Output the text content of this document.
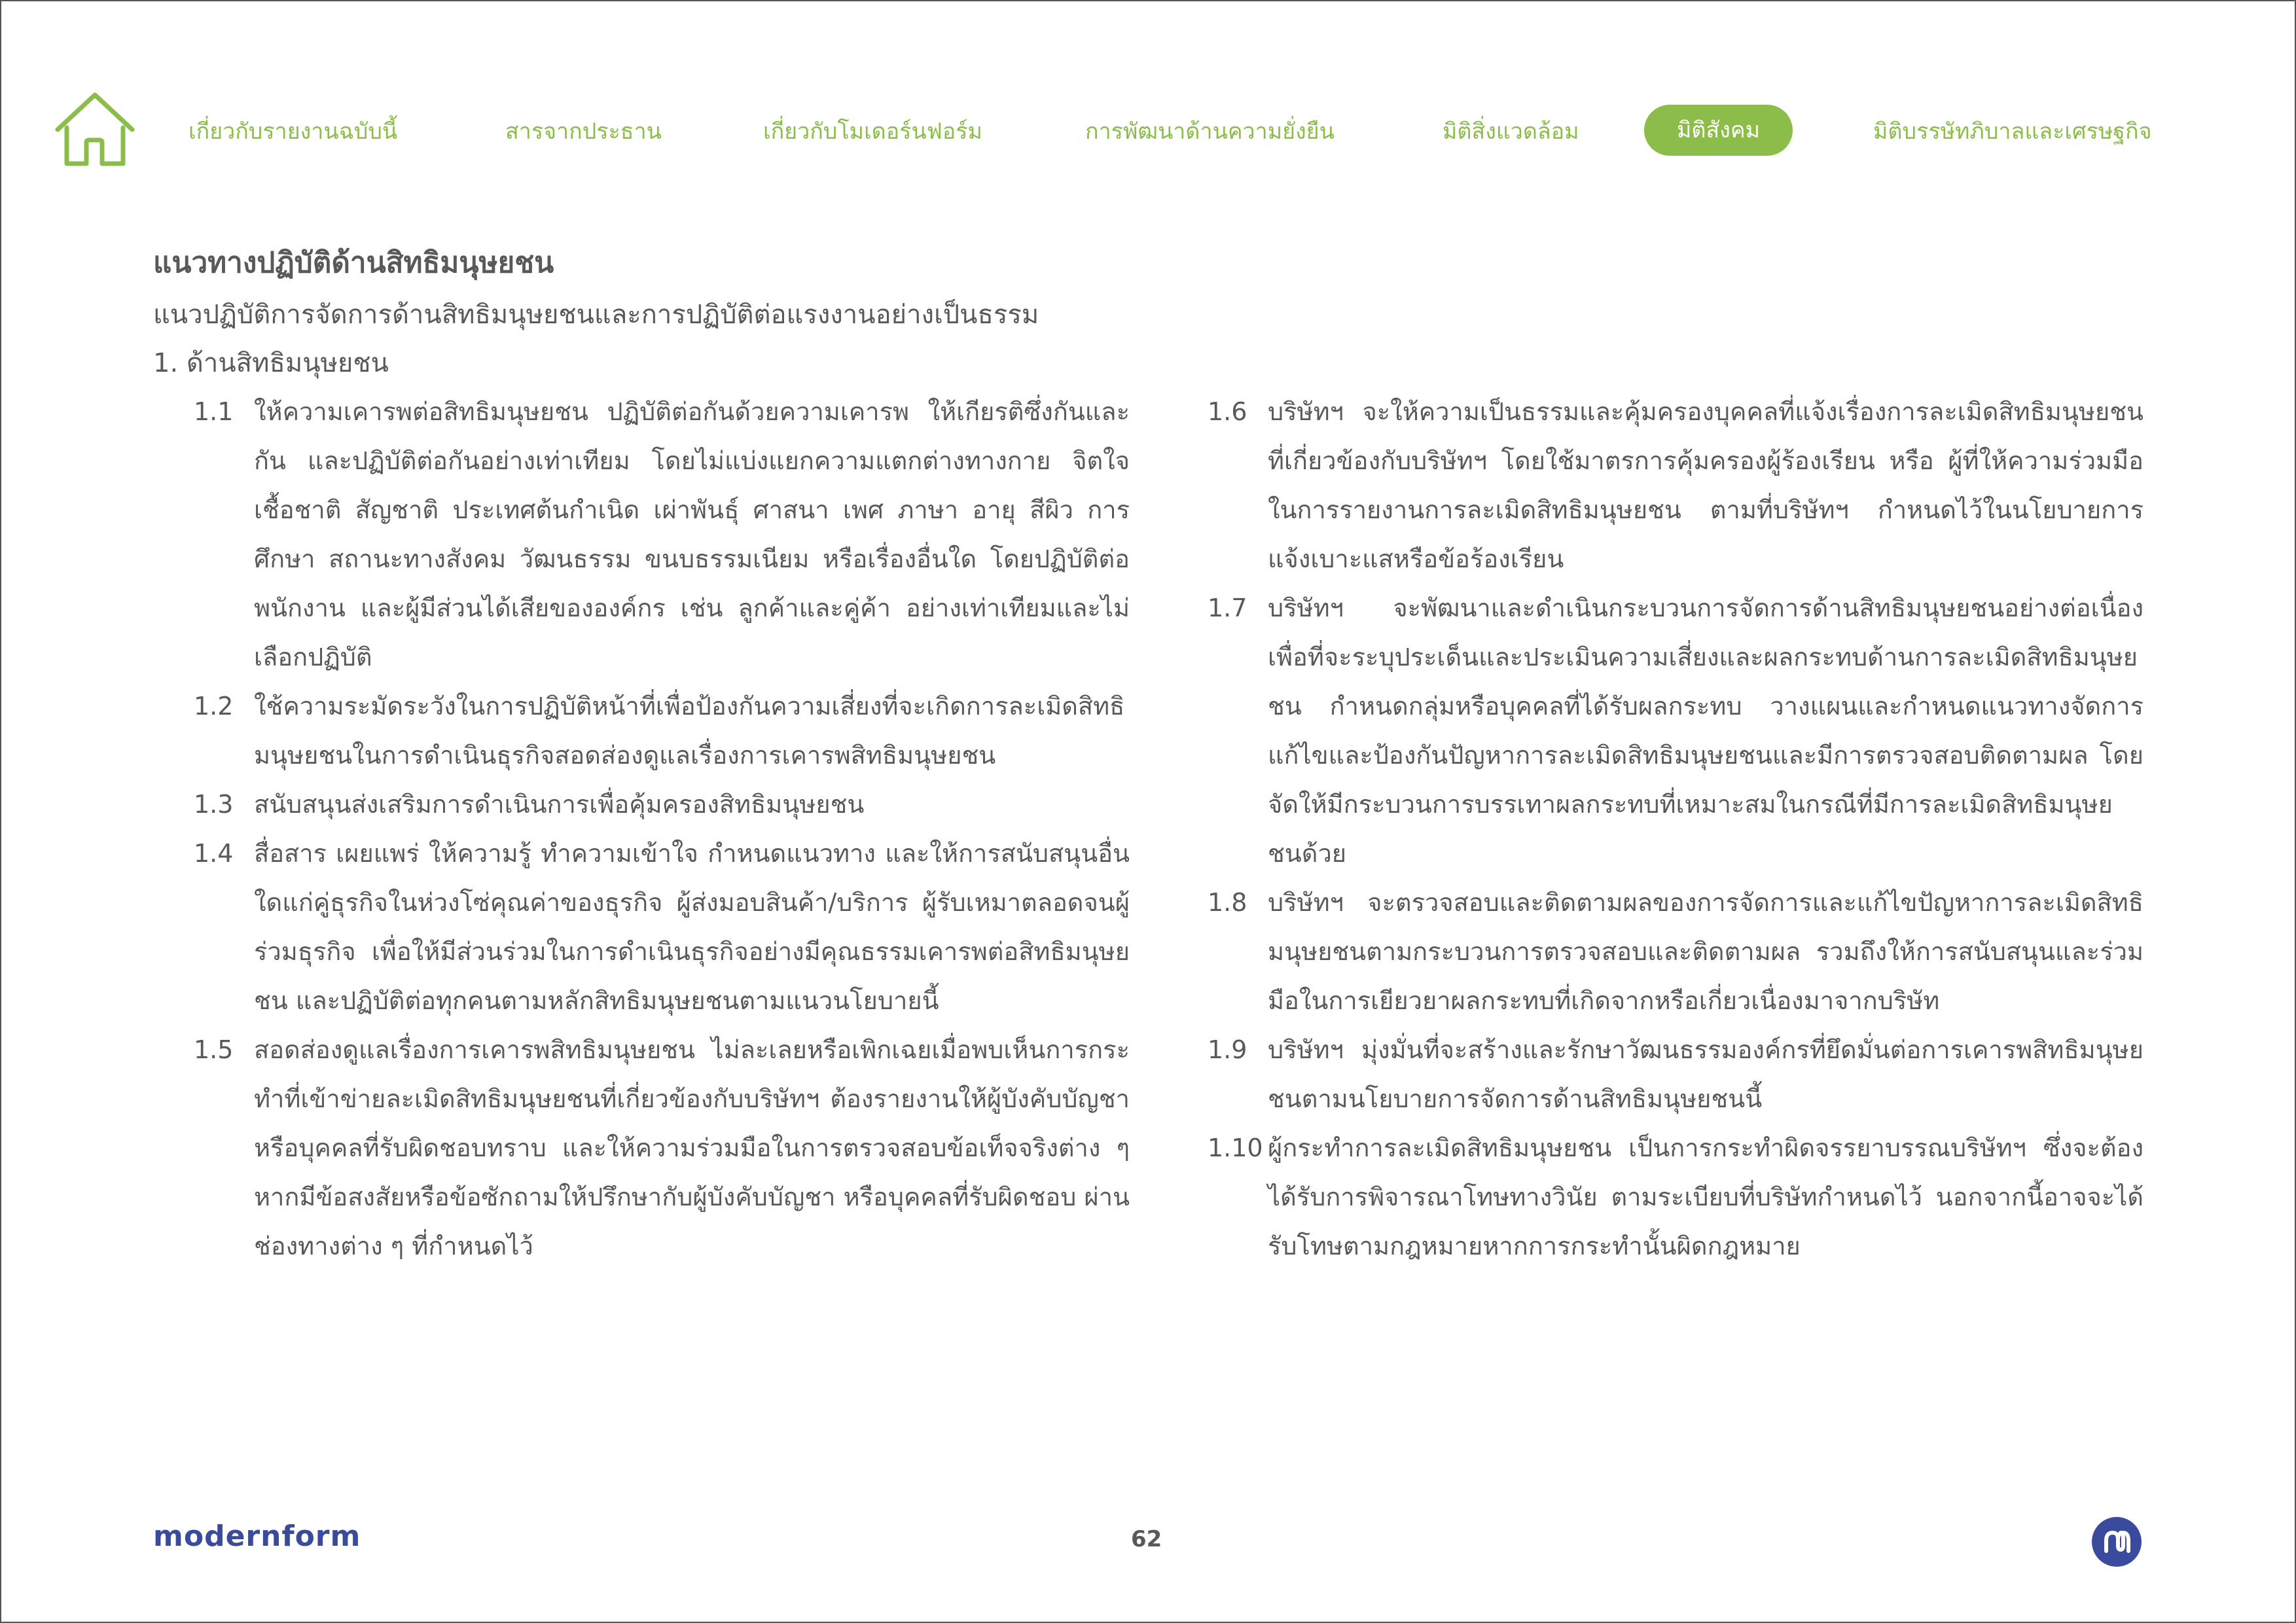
เกี่ยวกับรายงานฉบับนี้	สารจากประธาน	เกี่ยวกับโมเดอร์นฟอร์ม	การพัฒนาด้านความยั่งยืน	มิติสิ่งแวดล้อม	มิติสังคม	มิติบรรษัทภิบาลและเศรษฐกิจ
แนวทางปฏิบัติด้านสิทธิมนุษยชน
แนวปฏิบัติการจัดการด้านสิทธิมนุษยชนและการปฏิบัติต่อแรงงานอย่างเป็นธรรม
1. ด้านสิทธิมนุษยชน
1.1 ให้ความเคารพต่อสิทธิมนุษยชน ปฏิบัติต่อกันด้วยความเคารพ ให้เกียรติซึ่งกันและกัน และปฏิบัติต่อกันอย่างเท่าเทียม โดยไม่แบ่งแยกความแตกต่างทางกาย จิตใจ เชื้อชาติ สัญชาติ ประเทศต้นกำเนิด เผ่าพันธุ์ ศาสนา เพศ ภาษา อายุ สีผิว การศึกษา สถานะทางสังคม วัฒนธรรม ขนบธรรมเนียม หรือเรื่องอื่นใด โดยปฏิบัติต่อพนักงาน และผู้มีส่วนได้เสียขององค์กร เช่น ลูกค้าและคู่ค้า อย่างเท่าเทียมและไม่เลือกปฏิบัติ
1.2 ใช้ความระมัดระวังในการปฏิบัติหน้าที่เพื่อป้องกันความเสี่ยงที่จะเกิดการละเมิดสิทธิมนุษยชนในการดำเนินธุรกิจสอดส่องดูแลเรื่องการเคารพสิทธิมนุษยชน
1.3 สนับสนุนส่งเสริมการดำเนินการเพื่อคุ้มครองสิทธิมนุษยชน
1.4 สื่อสาร เผยแพร่ ให้ความรู้ ทำความเข้าใจ กำหนดแนวทาง และให้การสนับสนุนอื่นใดแก่คู่ธุรกิจในห่วงโซ่คุณค่าของธุรกิจ ผู้ส่งมอบสินค้า/บริการ ผู้รับเหมาตลอดจนผู้ร่วมธุรกิจ เพื่อให้มีส่วนร่วมในการดำเนินธุรกิจอย่างมีคุณธรรมเคารพต่อสิทธิมนุษยชน และปฏิบัติต่อทุกคนตามหลักสิทธิมนุษยชนตามแนวนโยบายนี้
1.5 สอดส่องดูแลเรื่องการเคารพสิทธิมนุษยชน ไม่ละเลยหรือเพิกเฉยเมื่อพบเห็นการกระทำที่เข้าข่ายละเมิดสิทธิมนุษยชนที่เกี่ยวข้องกับบริษัทฯ ต้องรายงานให้ผู้บังคับบัญชาหรือบุคคลที่รับผิดชอบทราบ และให้ความร่วมมือในการตรวจสอบข้อเท็จจริงต่าง ๆ หากมีข้อสงสัยหรือข้อซักถามให้ปรึกษากับผู้บังคับบัญชา หรือบุคคลที่รับผิดชอบ ผ่านช่องทางต่าง ๆ ที่กำหนดไว้
1.6 บริษัทฯ จะให้ความเป็นธรรมและคุ้มครองบุคคลที่แจ้งเรื่องการละเมิดสิทธิมนุษยชนที่เกี่ยวข้องกับบริษัทฯ โดยใช้มาตรการคุ้มครองผู้ร้องเรียน หรือ ผู้ที่ให้ความร่วมมือในการรายงานการละเมิดสิทธิมนุษยชน ตามที่บริษัทฯ กำหนดไว้ในนโยบายการแจ้งเบาะแสหรือข้อร้องเรียน
1.7 บริษัทฯ จะพัฒนาและดำเนินกระบวนการจัดการด้านสิทธิมนุษยชนอย่างต่อเนื่อง เพื่อที่จะระบุประเด็นและประเมินความเสี่ยงและผลกระทบด้านการละเมิดสิทธิมนุษยชน กำหนดกลุ่มหรือบุคคลที่ได้รับผลกระทบ วางแผนและกำหนดแนวทางจัดการแก้ไขและป้องกันปัญหาการละเมิดสิทธิมนุษยชนและมีการตรวจสอบติดตามผล โดยจัดให้มีกระบวนการบรรเทาผลกระทบที่เหมาะสมในกรณีที่มีการละเมิดสิทธิมนุษยชนด้วย
1.8 บริษัทฯ จะตรวจสอบและติดตามผลของการจัดการและแก้ไขปัญหาการละเมิดสิทธิมนุษยชนตามกระบวนการตรวจสอบและติดตามผล รวมถึงให้การสนับสนุนและร่วมมือในการเยียวยาผลกระทบที่เกิดจากหรือเกี่ยวเนื่องมาจากบริษัท
1.9 บริษัทฯ มุ่งมั่นที่จะสร้างและรักษาวัฒนธรรมองค์กรที่ยึดมั่นต่อการเคารพสิทธิมนุษยชนตามนโยบายการจัดการด้านสิทธิมนุษยชนนี้
1.10 ผู้กระทำการละเมิดสิทธิมนุษยชน เป็นการกระทำผิดจรรยาบรรณบริษัทฯ ซึ่งจะต้องได้รับการพิจารณาโทษทางวินัย ตามระเบียบที่บริษัทกำหนดไว้ นอกจากนี้อาจจะได้รับโทษตามกฎหมายหากการกระทำนั้นผิดกฎหมาย
modernform	62
